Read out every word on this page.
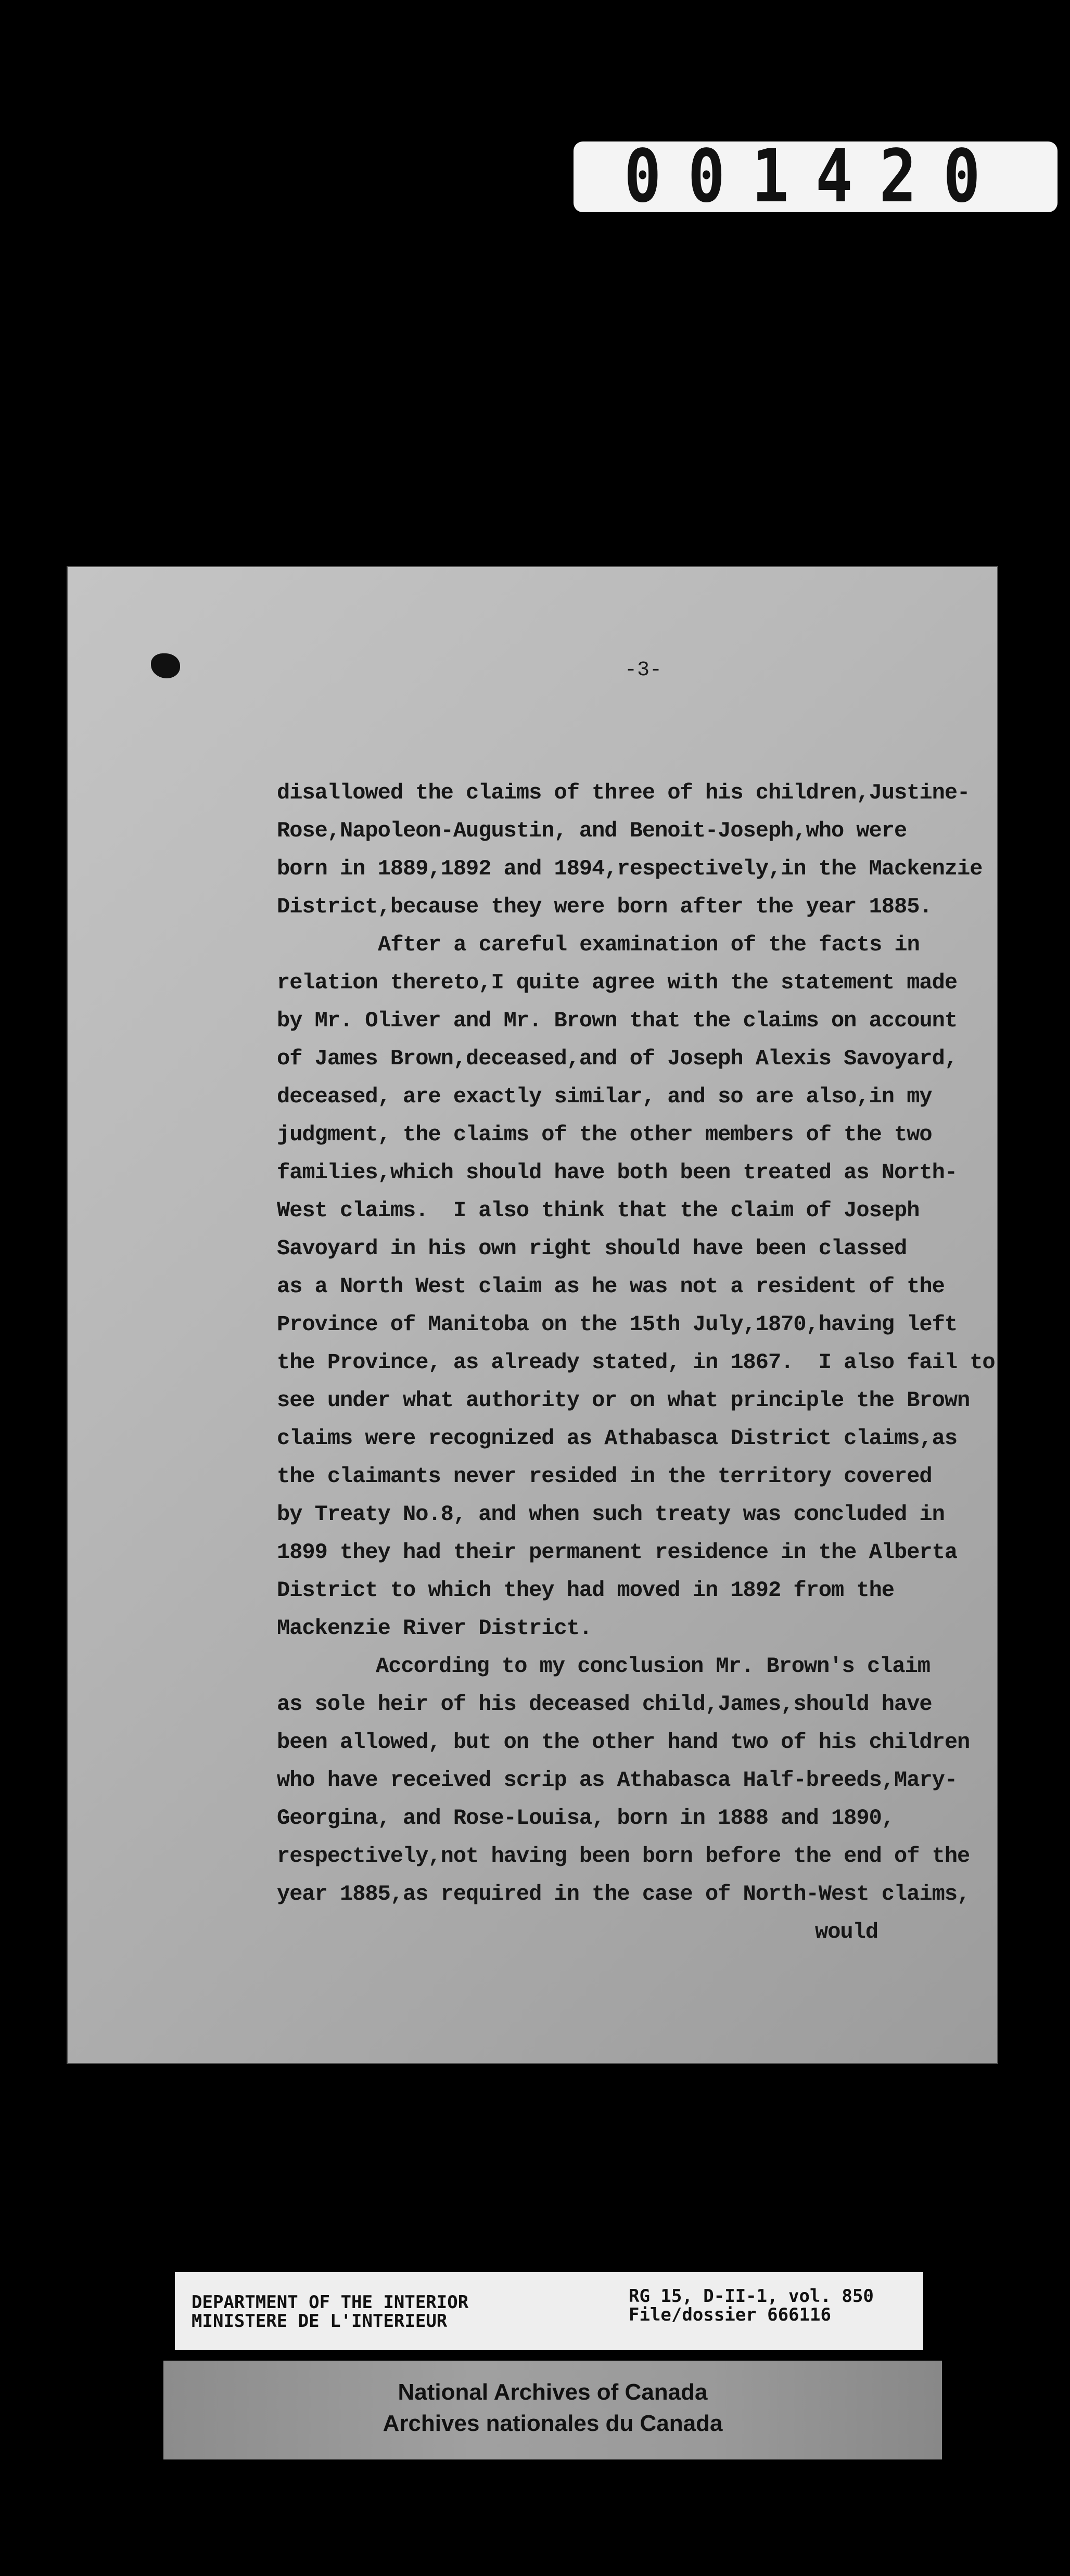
001420
-3-
disallowed the claims of three of his children,Justine-
Rose,Napoleon-Augustin, and Benoit-Joseph,who were
born in 1889,1892 and 1894,respectively,in the Mackenzie
District,because they were born after the year 1885.
After a careful examination of the facts in
relation thereto,I quite agree with the statement made
by Mr. Oliver and Mr. Brown that the claims on account
of James Brown,deceased,and of Joseph Alexis Savoyard,
deceased, are exactly similar, and so are also,in my
judgment, the claims of the other members of the two
families,which should have both been treated as North-
West claims.  I also think that the claim of Joseph
Savoyard in his own right should have been classed
as a North West claim as he was not a resident of the
Province of Manitoba on the 15th July,1870,having left
the Province, as already stated, in 1867.  I also fail to
see under what authority or on what principle the Brown
claims were recognized as Athabasca District claims,as
the claimants never resided in the territory covered
by Treaty No.8, and when such treaty was concluded in
1899 they had their permanent residence in the Alberta
District to which they had moved in 1892 from the
Mackenzie River District.
According to my conclusion Mr. Brown's claim
as sole heir of his deceased child,James,should have
been allowed, but on the other hand two of his children
who have received scrip as Athabasca Half-breeds,Mary-
Georgina, and Rose-Louisa, born in 1888 and 1890,
respectively,not having been born before the end of the
year 1885,as required in the case of North-West claims,
would
DEPARTMENT OF THE INTERIOR
MINISTERE DE L'INTERIEUR
RG 15, D-II-1, vol. 850
File/dossier 666116
National Archives of Canada
Archives nationales du Canada
